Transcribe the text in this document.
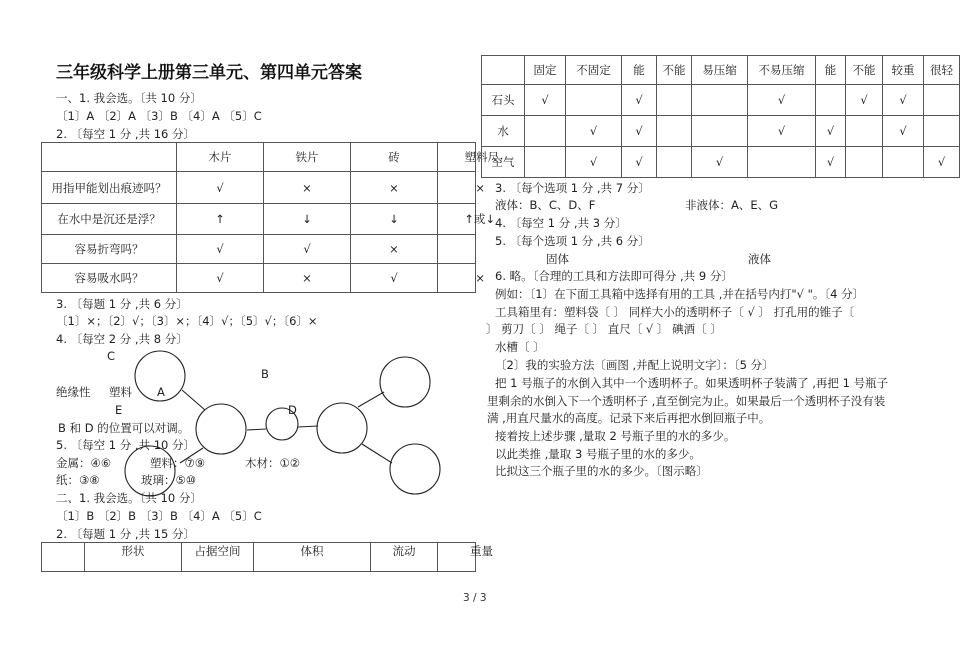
三年级科学上册第三单元、第四单元答案
一、1. 我会选。〔共 10 分〕
〔1〕A 〔2〕A 〔3〕B 〔4〕A 〔5〕C
2. 〔每空 1 分 ,共 16 分〕
	木片	铁片	砖	塑料尺
用指甲能划出痕迹吗？	√	×	×	×
在水中是沉还是浮？	↑	↓	↓	↑或↓
容易折弯吗？	√	√	×	
容易吸水吗？	√	×	√	×
3. 〔每题 1 分 ,共 6 分〕
〔1〕×；〔2〕√；〔3〕×；〔4〕√；〔5〕√；〔6〕×
4. 〔每空 2 分 ,共 8 分〕
C
B
绝缘性 塑料 A
E	D
B 和 D 的位置可以对调。
5. 〔每空 1 分 ,共 10 分〕
金属：④⑥	塑料：⑦⑨	木材：①②
纸：③⑧	玻璃：⑤⑩
二、1. 我会选。〔共 10 分〕
〔1〕B 〔2〕B 〔3〕B 〔4〕A 〔5〕C
2. 〔每题 1 分 ,共 15 分〕
	形状	占据空间	体积	流动	重量
	固定	不固定	能	不能	易压缩	不易压缩	能	不能	较重	很轻
石头	√		√			√		√	√	
水		√	√			√	√		√	
空气		√	√		√		√			√
3. 〔每个选项 1 分 ,共 7 分〕
液体：B、C、D、F	非液体：A、E、G
4. 〔每空 1 分 ,共 3 分〕
5. 〔每个选项 1 分 ,共 6 分〕
固体	液体
6. 略。〔合理的工具和方法即可得分 ,共 9 分〕
例如：〔1〕在下面工具箱中选择有用的工具 ,并在括号内打"√ "。〔4 分〕
工具箱里有：塑料袋〔 〕 同样大小的透明杯子〔 √ 〕 打孔用的锥子〔
〕 剪刀〔 〕 绳子〔 〕 直尺〔 √ 〕 碘酒〔 〕
水槽〔 〕
〔2〕我的实验方法〔画图 ,并配上说明文字〕：〔5 分〕
把 1 号瓶子的水倒入其中一个透明杯子。如果透明杯子装满了 ,再把 1 号瓶子
里剩余的水倒入下一个透明杯子 ,直至倒完为止。如果最后一个透明杯子没有装
满 ,用直尺量水的高度。记录下来后再把水倒回瓶子中。
接着按上述步骤 ,量取 2 号瓶子里的水的多少。
以此类推 ,量取 3 号瓶子里的水的多少。
比拟这三个瓶子里的水的多少。〔图示略〕
3 / 3
